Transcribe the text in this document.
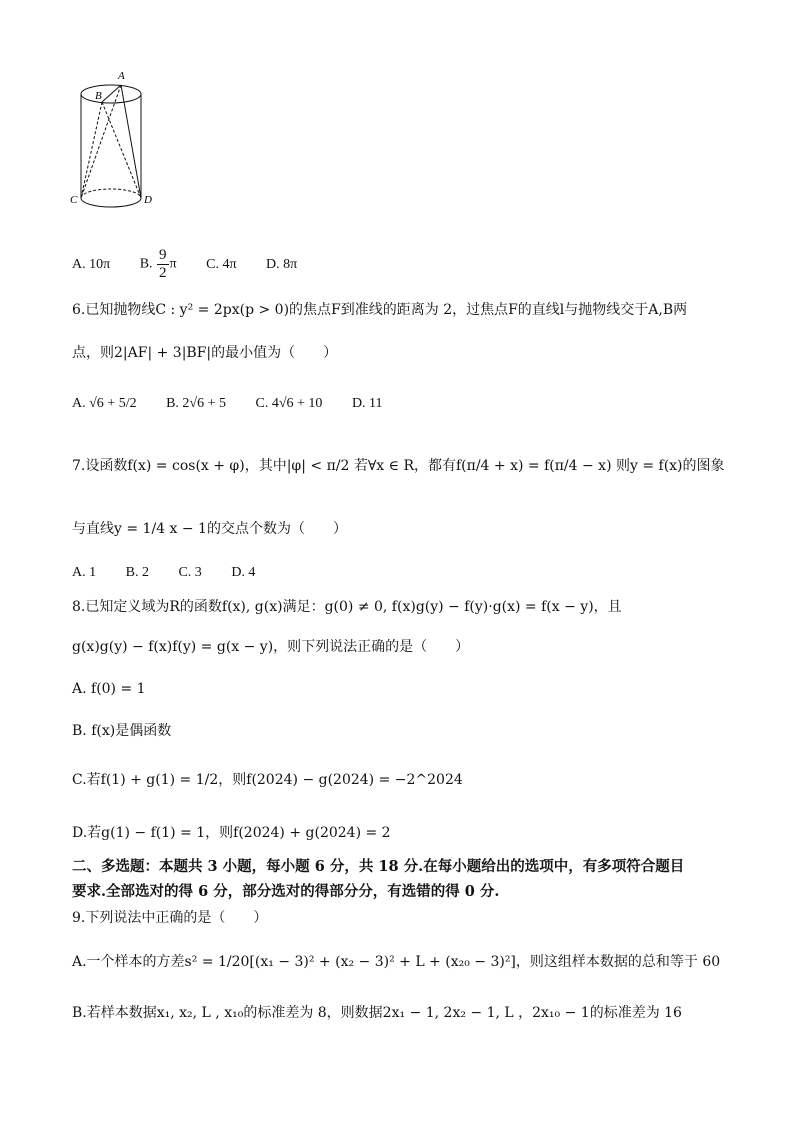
A
B
C	D
A. 10π B. $\frac{9}{2}$ π C. 4π D. 8π
6.已知抛物线C : y² = 2px(p > 0)的焦点F到准线的距离为 2，过焦点F的直线l与抛物线交于A,B两
点，则2|AF| + 3|BF|的最小值为（　　）
A. √6 + 5/2 B. 2√6 + 5 C. 4√6 + 10 D. 11
7.设函数f(x) = cos(x + φ)，其中|φ| < π/2 若∀x ∈ R，都有f(π/4 + x) = f(π/4 − x) 则y = f(x)的图象
与直线y = 1/4 x − 1的交点个数为（　　）
A. 1 B. 2 C. 3 D. 4
8.已知定义域为R的函数f(x), g(x)满足：g(0) ≠ 0, f(x)g(y) − f(y)·g(x) = f(x − y)，且
g(x)g(y) − f(x)f(y) = g(x − y)，则下列说法正确的是（　　）
A. f(0) = 1
B. f(x)是偶函数
C.若f(1) + g(1) = 1/2，则f(2024) − g(2024) = −2^2024
D.若g(1) − f(1) = 1，则f(2024) + g(2024) = 2
二、多选题：本题共 3 小题，每小题 6 分，共 18 分.在每小题给出的选项中，有多项符合题目
要求.全部选对的得 6 分，部分选对的得部分分，有选错的得 0 分.
9.下列说法中正确的是（　　）
A.一个样本的方差s² = 1/20[(x₁ − 3)² + (x₂ − 3)² + L + (x₂₀ − 3)²]，则这组样本数据的总和等于 60
B.若样本数据x₁, x₂, L , x₁₀的标准差为 8，则数据2x₁ − 1, 2x₂ − 1, L ，2x₁₀ − 1的标准差为 16
